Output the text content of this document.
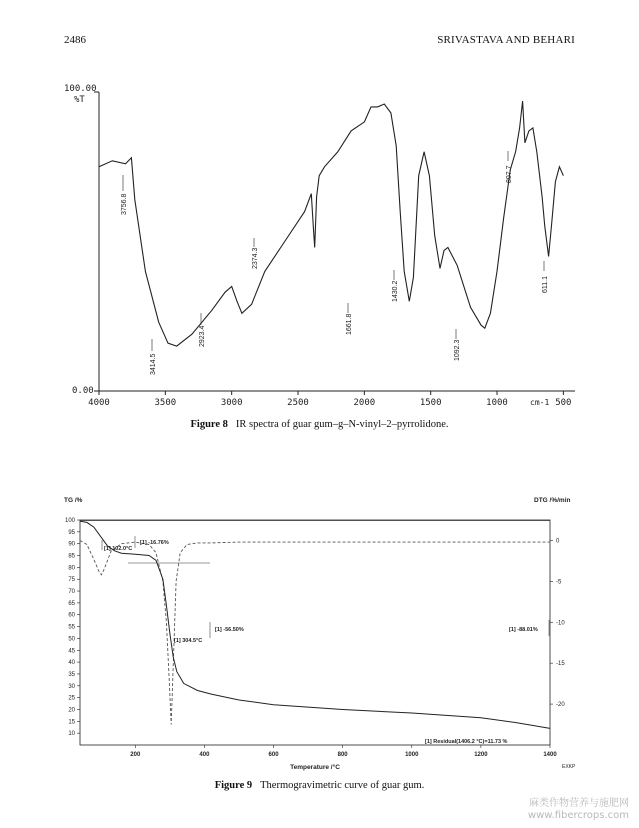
2486	SRIVASTAVA AND BEHARI
100.00
%T
0.00
cm-1
4000	3500	3000	2500	2000	1500	1000	500
3756.8
3414.5
2923.4
2374.3
1661.8
1430.2
1092.3
807.7
611.1
Figure 8 IR spectra of guar gum–g–N-vinyl–2–pyrrolidone.
TG /%	DTG /%/min
10
15
20
25
30
35
40
45
50
55
60
65
70
75
80
85
90
95
100
0
-5
-10
-15
-20
200	400	600	800	1000	1200	1400
Temperature /°C	EXKP
[1] 102.0°C
[1] -16.76%
[1] 304.5°C
[1] -56.50%	[1] -88.01%
[1] Residual(1406.2 °C)=11.73 %
Figure 9 Thermogravimetric curve of guar gum.
麻类作物营养与施肥网
www.fibercrops.com
